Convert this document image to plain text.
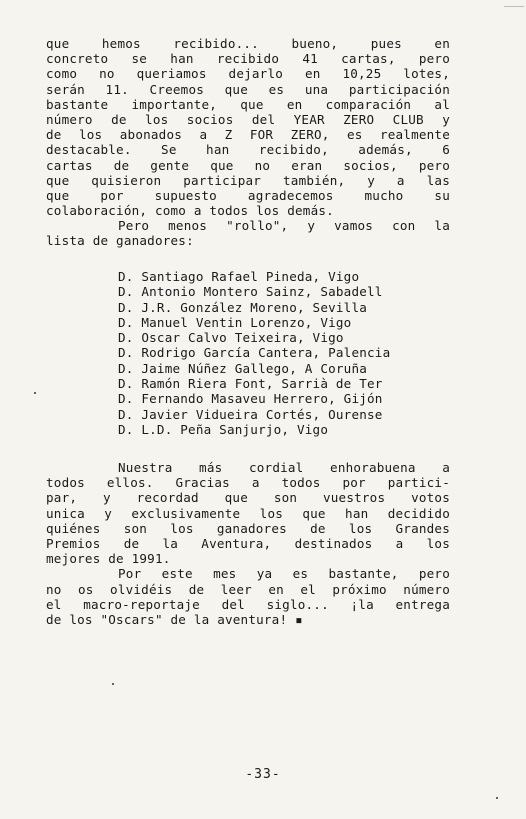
que hemos recibido... bueno, pues en
concreto se han recibido 41 cartas, pero
como no queriamos dejarlo en 10,25 lotes,
serán 11. Creemos que es una participación
bastante importante, que en comparación al
número de los socios del YEAR ZERO CLUB y
de los abonados a Z FOR ZERO, es realmente
destacable. Se han recibido, además, 6
cartas de gente que no eran socios, pero
que quisieron participar también, y a las
que por supuesto agradecemos mucho su
colaboración, como a todos los demás.
Pero menos "rollo", y vamos con la
lista de ganadores:
D. Santiago Rafael Pineda, Vigo
D. Antonio Montero Sainz, Sabadell
D. J.R. González Moreno, Sevilla
D. Manuel Ventin Lorenzo, Vigo
D. Oscar Calvo Teixeira, Vigo
D. Rodrigo García Cantera, Palencia
D. Jaime Núñez Gallego, A Coruña
D. Ramón Riera Font, Sarrià de Ter
D. Fernando Masaveu Herrero, Gijón
D. Javier Vidueira Cortés, Ourense
D. L.D. Peña Sanjurjo, Vigo
Nuestra más cordial enhorabuena a
todos ellos. Gracias a todos por partici-
par, y recordad que son vuestros votos
unica y exclusivamente los que han decidido
quiénes son los ganadores de los Grandes
Premios de la Aventura, destinados a los
mejores de 1991.
Por este mes ya es bastante, pero
no os olvidéis de leer en el próximo número
el macro-reportaje del siglo... ¡la entrega
de los "Oscars" de la aventura! ▪
-33-
